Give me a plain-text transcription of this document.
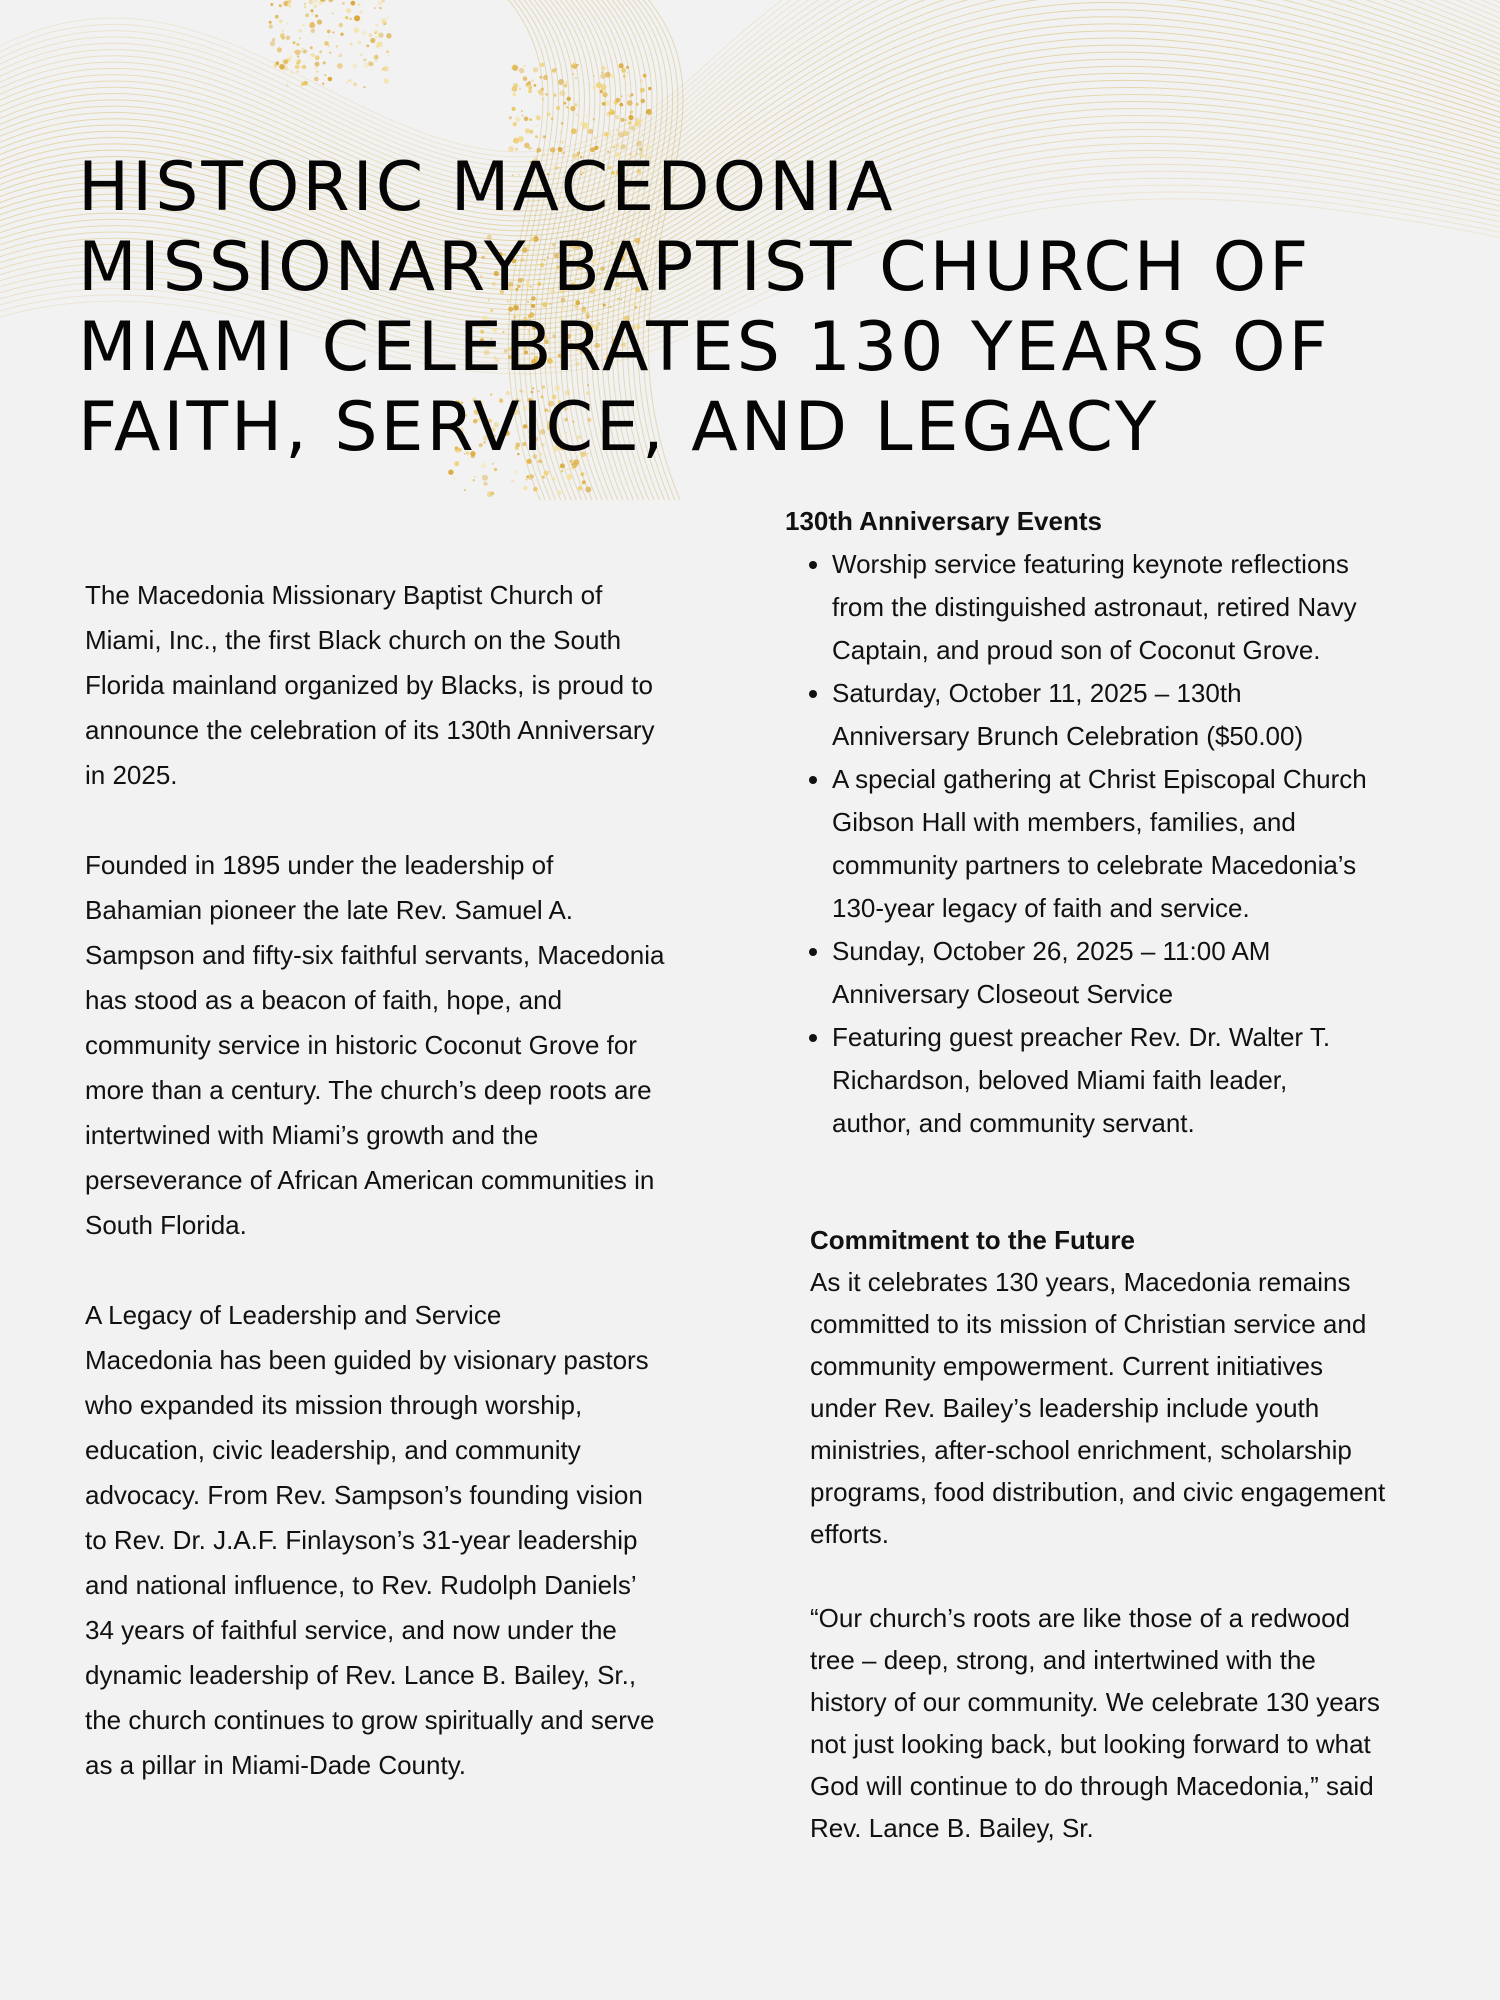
HISTORIC MACEDONIA
MISSIONARY BAPTIST CHURCH OF
MIAMI CELEBRATES 130 YEARS OF
FAITH, SERVICE, AND LEGACY

The Macedonia Missionary Baptist Church of
Miami, Inc., the first Black church on the South
Florida mainland organized by Blacks, is proud to
announce the celebration of its 130th Anniversary
in 2025.

Founded in 1895 under the leadership of
Bahamian pioneer the late Rev. Samuel A.
Sampson and fifty-six faithful servants, Macedonia
has stood as a beacon of faith, hope, and
community service in historic Coconut Grove for
more than a century. The church’s deep roots are
intertwined with Miami’s growth and the
perseverance of African American communities in
South Florida.

A Legacy of Leadership and Service
Macedonia has been guided by visionary pastors
who expanded its mission through worship,
education, civic leadership, and community
advocacy. From Rev. Sampson’s founding vision
to Rev. Dr. J.A.F. Finlayson’s 31-year leadership
and national influence, to Rev. Rudolph Daniels’
34 years of faithful service, and now under the
dynamic leadership of Rev. Lance B. Bailey, Sr.,
the church continues to grow spiritually and serve
as a pillar in Miami-Dade County.

130th Anniversary Events
• Worship service featuring keynote reflections
from the distinguished astronaut, retired Navy
Captain, and proud son of Coconut Grove.
• Saturday, October 11, 2025 – 130th
Anniversary Brunch Celebration ($50.00)
• A special gathering at Christ Episcopal Church
Gibson Hall with members, families, and
community partners to celebrate Macedonia’s
130-year legacy of faith and service.
• Sunday, October 26, 2025 – 11:00 AM
Anniversary Closeout Service
• Featuring guest preacher Rev. Dr. Walter T.
Richardson, beloved Miami faith leader,
author, and community servant.
Commitment to the Future

As it celebrates 130 years, Macedonia remains
committed to its mission of Christian service and
community empowerment. Current initiatives
under Rev. Bailey’s leadership include youth
ministries, after-school enrichment, scholarship
programs, food distribution, and civic engagement
efforts.

“Our church’s roots are like those of a redwood
tree – deep, strong, and intertwined with the
history of our community. We celebrate 130 years
not just looking back, but looking forward to what
God will continue to do through Macedonia,” said
Rev. Lance B. Bailey, Sr.
